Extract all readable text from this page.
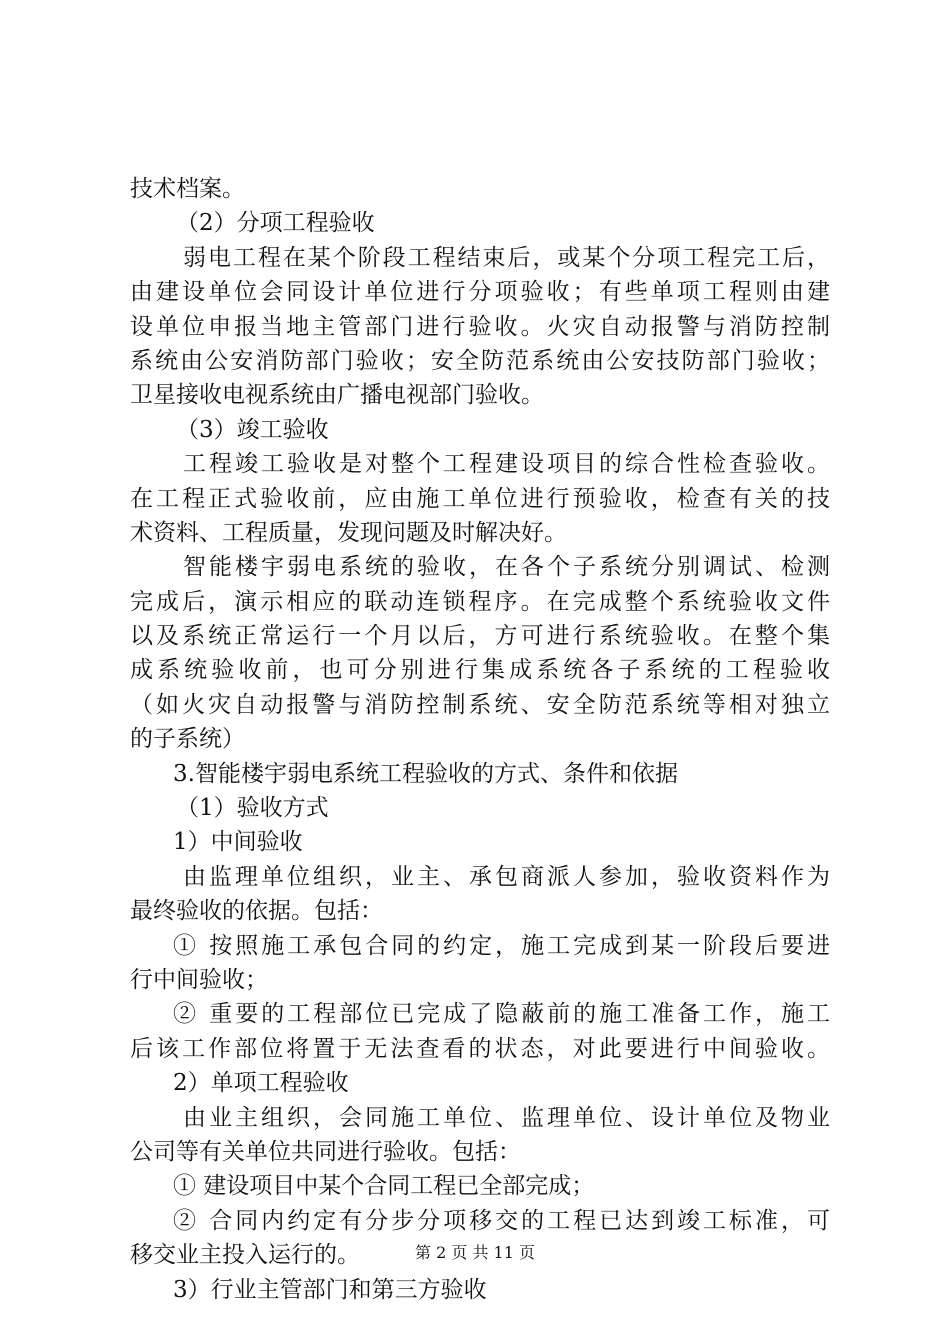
技术档案。
（2）分项工程验收
弱电工程在某个阶段工程结束后，或某个分项工程完工后，
由建设单位会同设计单位进行分项验收；有些单项工程则由建
设单位申报当地主管部门进行验收。火灾自动报警与消防控制
系统由公安消防部门验收；安全防范系统由公安技防部门验收；
卫星接收电视系统由广播电视部门验收。
（3）竣工验收
工程竣工验收是对整个工程建设项目的综合性检查验收。
在工程正式验收前，应由施工单位进行预验收，检查有关的技
术资料、工程质量，发现问题及时解决好。
智能楼宇弱电系统的验收，在各个子系统分别调试、检测
完成后，演示相应的联动连锁程序。在完成整个系统验收文件
以及系统正常运行一个月以后，方可进行系统验收。在整个集
成系统验收前，也可分别进行集成系统各子系统的工程验收
（如火灾自动报警与消防控制系统、安全防范系统等相对独立
的子系统）
3.智能楼宇弱电系统工程验收的方式、条件和依据
（1）验收方式
1）中间验收
由监理单位组织，业主、承包商派人参加，验收资料作为
最终验收的依据。包括：
① 按照施工承包合同的约定，施工完成到某一阶段后要进
行中间验收；
② 重要的工程部位已完成了隐蔽前的施工准备工作，施工
后该工作部位将置于无法查看的状态，对此要进行中间验收。
2）单项工程验收
由业主组织，会同施工单位、监理单位、设计单位及物业
公司等有关单位共同进行验收。包括：
① 建设项目中某个合同工程已全部完成；
② 合同内约定有分步分项移交的工程已达到竣工标准，可
移交业主投入运行的。
3）行业主管部门和第三方验收
第 2 页 共 11 页
